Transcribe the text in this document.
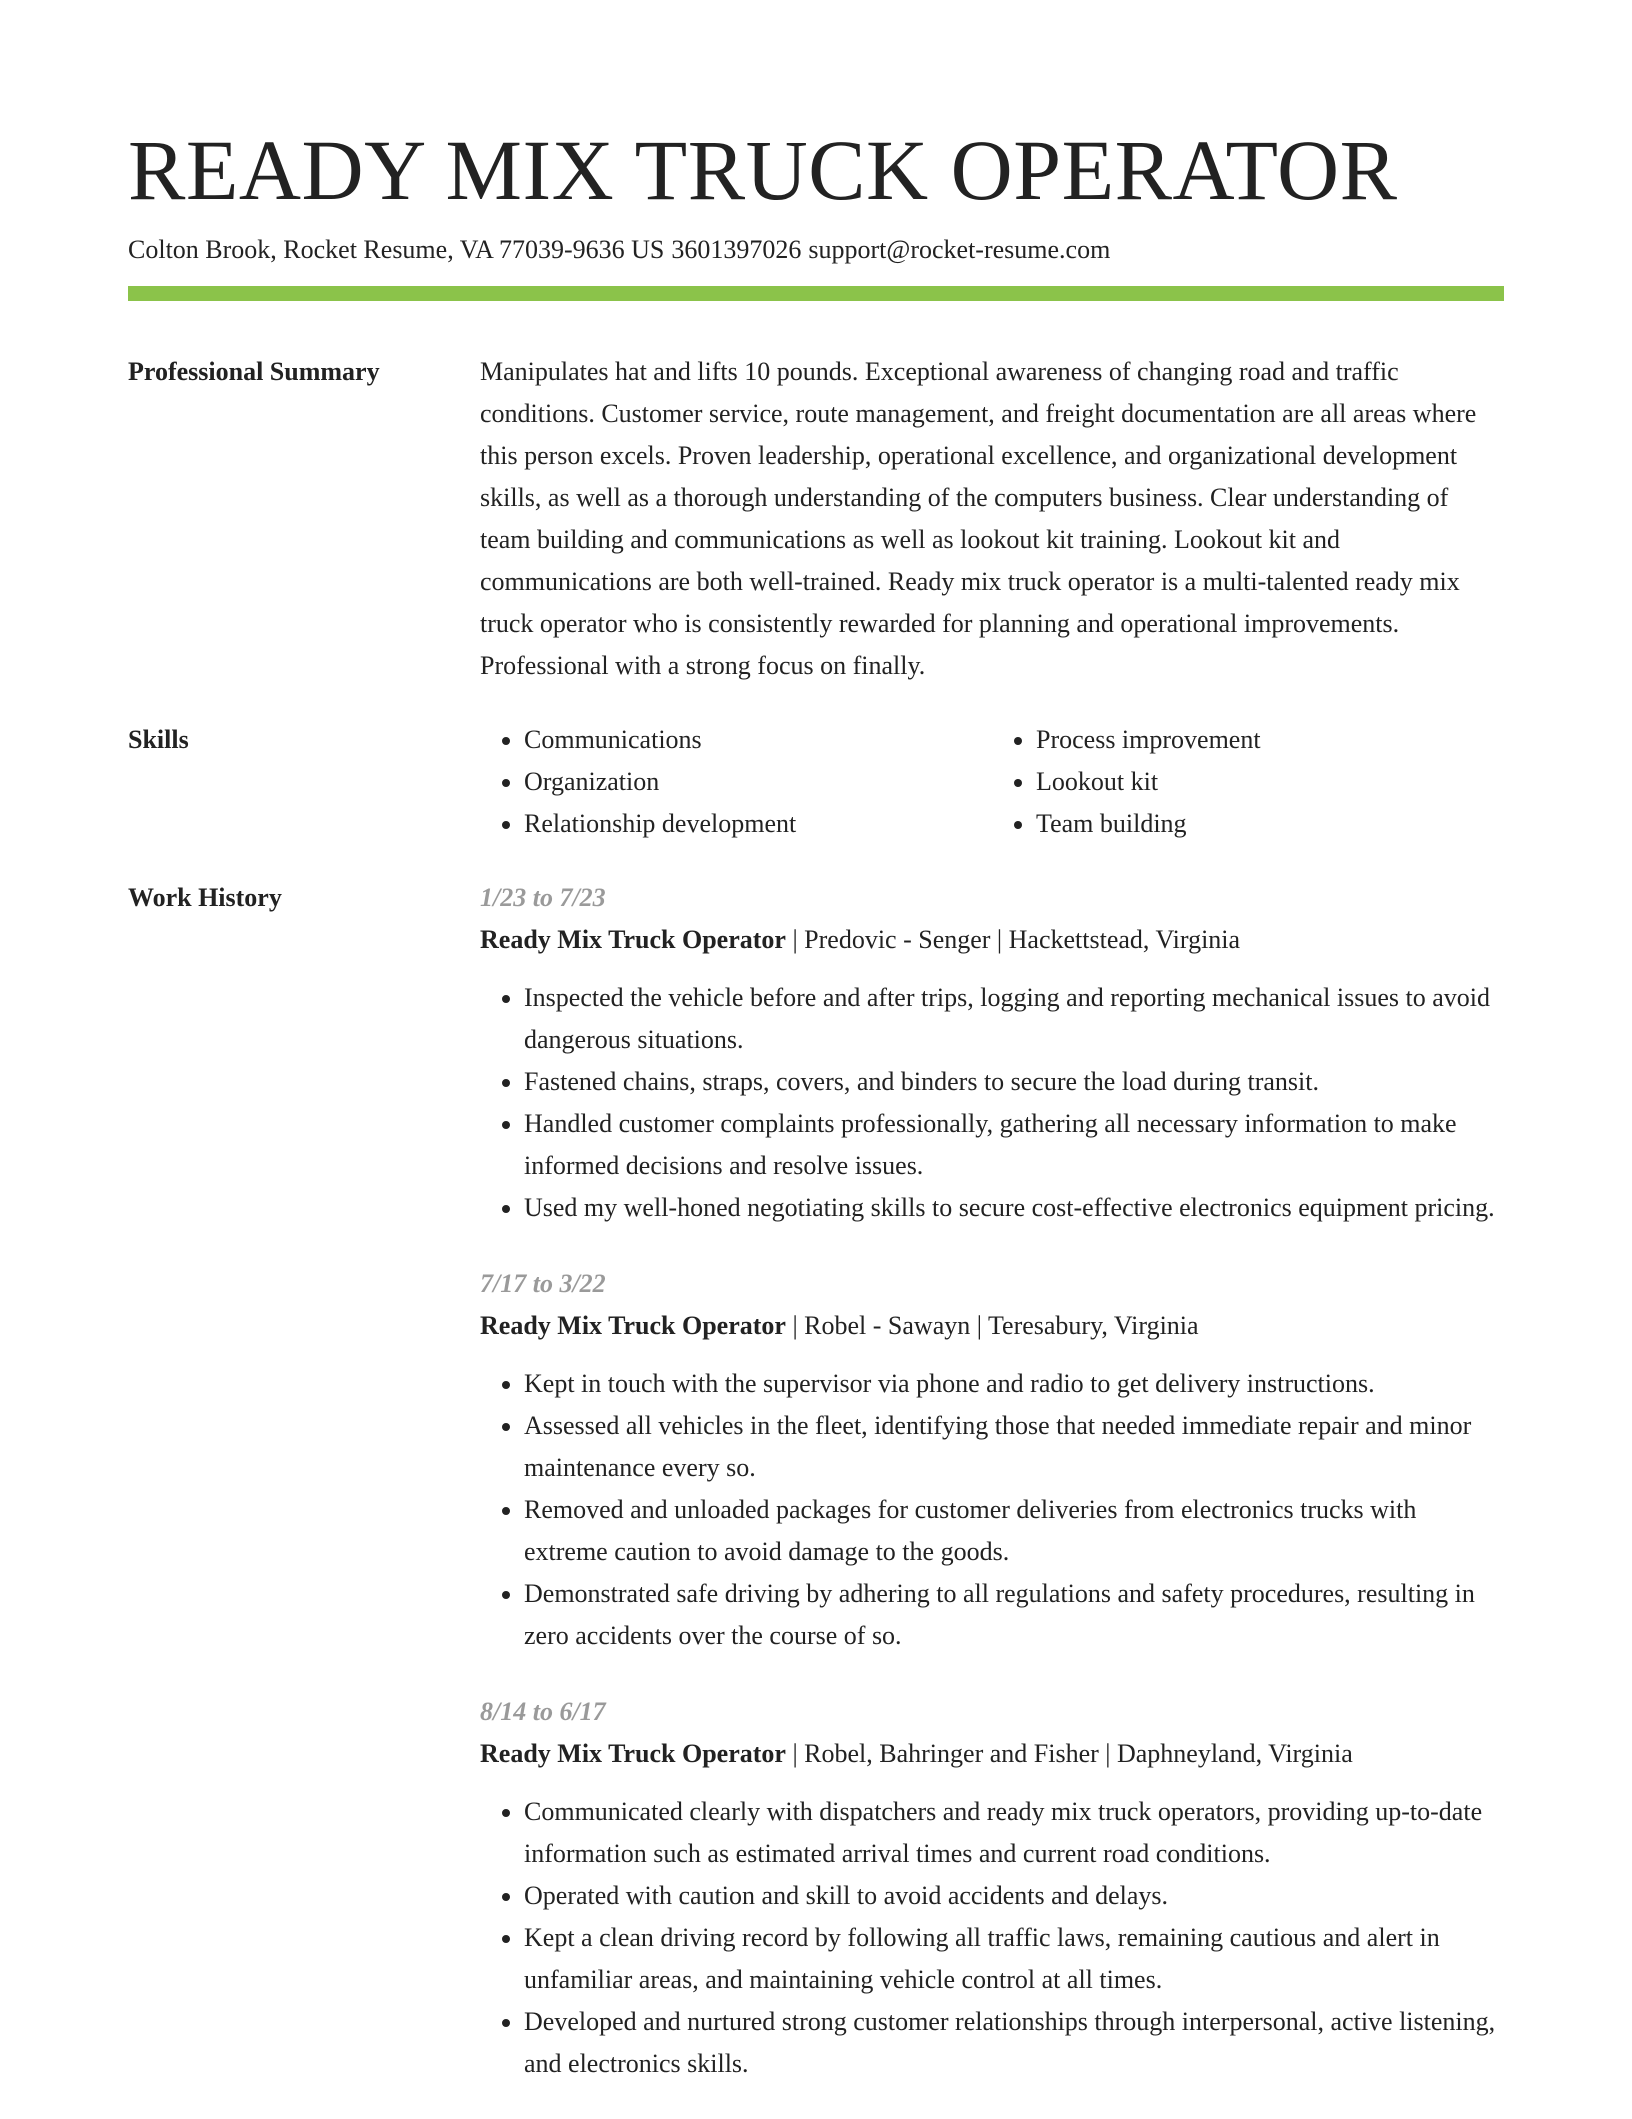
READY MIX TRUCK OPERATOR
Colton Brook, Rocket Resume, VA 77039-9636 US 3601397026 support@rocket-resume.com
Professional Summary	Manipulates hat and lifts 10 pounds. Exceptional awareness of changing road and traffic conditions. Customer service, route management, and freight documentation are all areas where this person excels. Proven leadership, operational excellence, and organizational development skills, as well as a thorough understanding of the computers business. Clear understanding of team building and communications as well as lookout kit training. Lookout kit and communications are both well-trained. Ready mix truck operator is a multi-talented ready mix truck operator who is consistently rewarded for planning and operational improvements. Professional with a strong focus on finally.

Skills
•	Communications
• Organization
• Relationship development
• Process improvement
• Lookout kit
• Team building
Work History	1/23 to 7/23
Ready Mix Truck Operator | Predovic - Senger | Hackettstead, Virginia
• Inspected the vehicle before and after trips, logging and reporting mechanical issues to avoid dangerous situations.
• Fastened chains, straps, covers, and binders to secure the load during transit.
• Handled customer complaints professionally, gathering all necessary information to make informed decisions and resolve issues.
• Used my well-honed negotiating skills to secure cost-effective electronics equipment pricing.
7/17 to 3/22
Ready Mix Truck Operator | Robel - Sawayn | Teresabury, Virginia
• Kept in touch with the supervisor via phone and radio to get delivery instructions.
• Assessed all vehicles in the fleet, identifying those that needed immediate repair and minor maintenance every so.
• Removed and unloaded packages for customer deliveries from electronics trucks with extreme caution to avoid damage to the goods.
• Demonstrated safe driving by adhering to all regulations and safety procedures, resulting in zero accidents over the course of so.
8/14 to 6/17
Ready Mix Truck Operator | Robel, Bahringer and Fisher | Daphneyland, Virginia
• Communicated clearly with dispatchers and ready mix truck operators, providing up-to-date information such as estimated arrival times and current road conditions.
• Operated with caution and skill to avoid accidents and delays.
• Kept a clean driving record by following all traffic laws, remaining cautious and alert in unfamiliar areas, and maintaining vehicle control at all times.
• Developed and nurtured strong customer relationships through interpersonal, active listening, and electronics skills.
